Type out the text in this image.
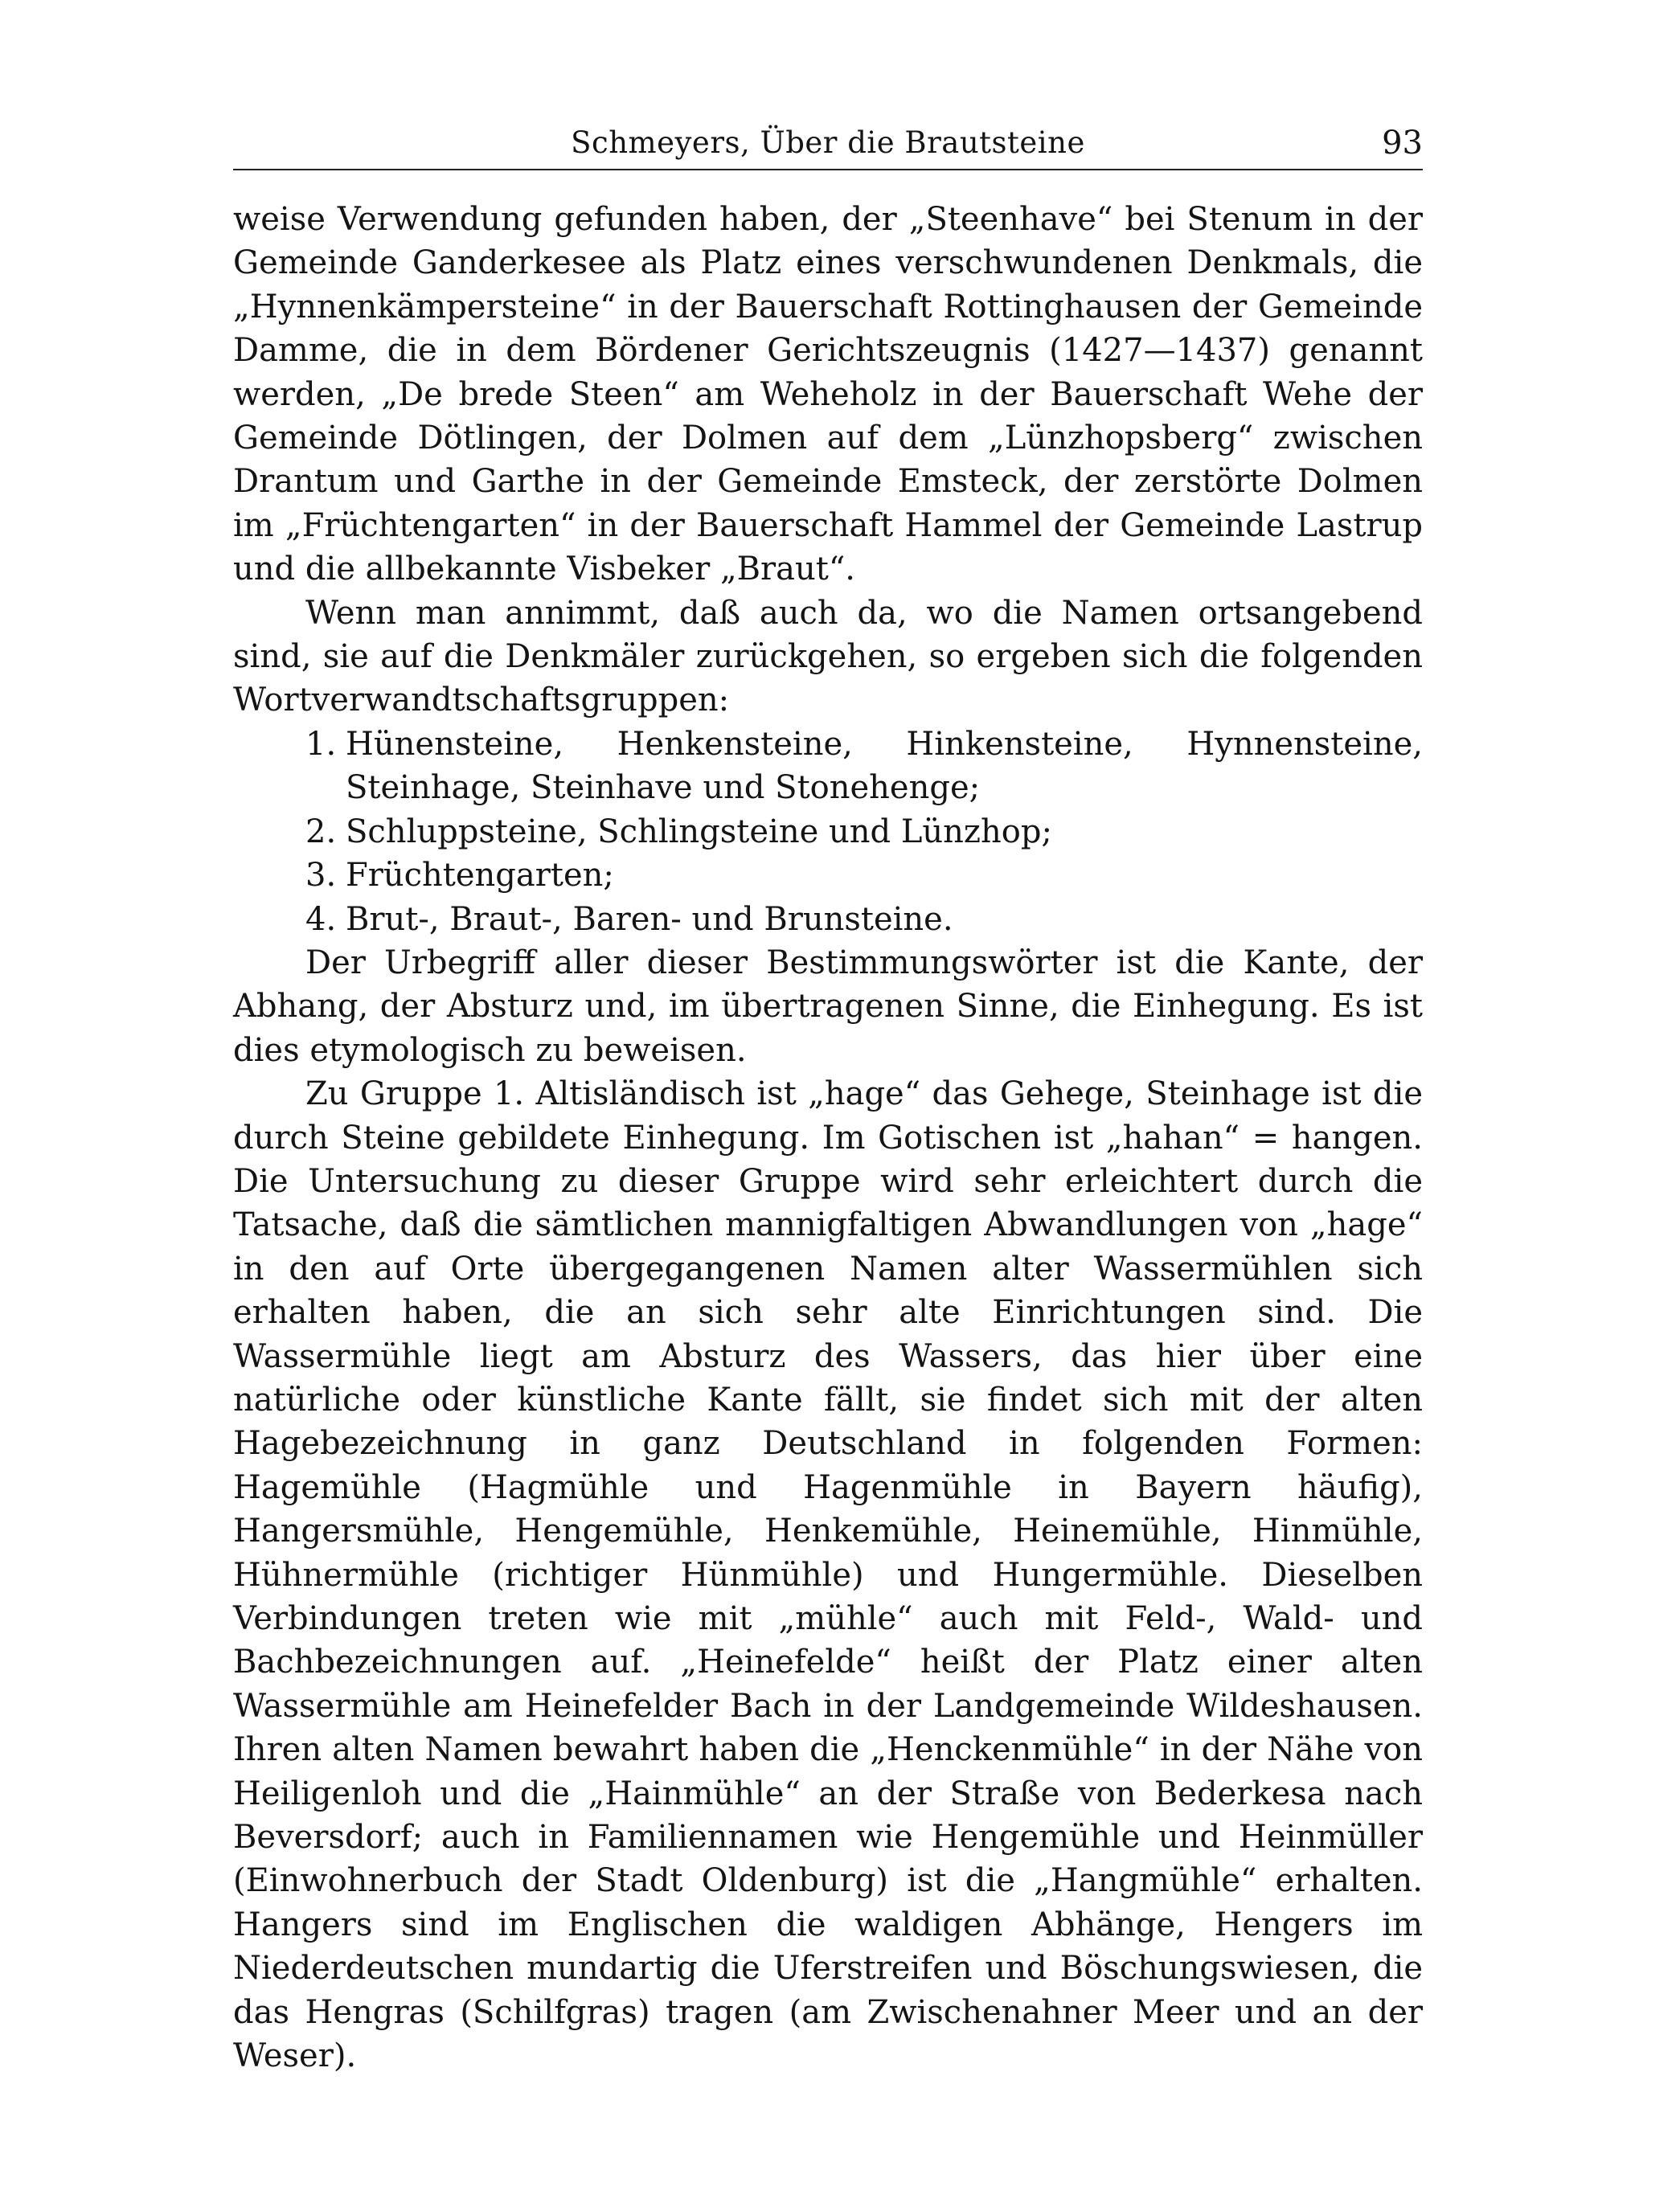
Schmeyers, Über die Brautsteine	93

weise Verwendung gefunden haben, der „Steenhave“ bei Stenum in der Gemeinde Ganderkesee als Platz eines verschwundenen Denkmals, die „Hynnenkämpersteine“ in der Bauerschaft Rottinghausen der Gemeinde Damme, die in dem Bördener Gerichtszeugnis (1427—1437) genannt werden, „De brede Steen“ am Weheholz in der Bauerschaft Wehe der Gemeinde Dötlingen, der Dolmen auf dem „Lünzhopsberg“ zwischen Drantum und Garthe in der Gemeinde Emsteck, der zerstörte Dolmen im „Früchtengarten“ in der Bauerschaft Hammel der Gemeinde Lastrup und die allbekannte Visbeker „Braut“.

Wenn man annimmt, daß auch da, wo die Namen ortsangebend sind, sie auf die Denkmäler zurückgehen, so ergeben sich die folgenden Wortverwandtschaftsgruppen:

1. Hünensteine, Henkensteine, Hinkensteine, Hynnensteine, Steinhage, Steinhave und Stonehenge;
2. Schluppsteine, Schlingsteine und Lünzhop;
3. Früchtengarten;
4. Brut-, Braut-, Baren- und Brunsteine.

Der Urbegriff aller dieser Bestimmungswörter ist die Kante, der Abhang, der Absturz und, im übertragenen Sinne, die Einhegung. Es ist dies etymologisch zu beweisen.

Zu Gruppe 1. Altisländisch ist „hage“ das Gehege, Steinhage ist die durch Steine gebildete Einhegung. Im Gotischen ist „hahan“ = hangen. Die Untersuchung zu dieser Gruppe wird sehr erleichtert durch die Tatsache, daß die sämtlichen mannigfaltigen Abwandlungen von „hage“ in den auf Orte übergegangenen Namen alter Wassermühlen sich erhalten haben, die an sich sehr alte Einrichtungen sind. Die Wassermühle liegt am Absturz des Wassers, das hier über eine natürliche oder künstliche Kante fällt, sie findet sich mit der alten Hagebezeichnung in ganz Deutschland in folgenden Formen: Hagemühle (Hagmühle und Hagenmühle in Bayern häufig), Hangersmühle, Hengemühle, Henkemühle, Heinemühle, Hinmühle, Hühnermühle (richtiger Hünmühle) und Hungermühle. Dieselben Verbindungen treten wie mit „mühle“ auch mit Feld-, Wald- und Bachbezeichnungen auf. „Heinefelde“ heißt der Platz einer alten Wassermühle am Heinefelder Bach in der Landgemeinde Wildeshausen. Ihren alten Namen bewahrt haben die „Henckenmühle“ in der Nähe von Heiligenloh und die „Hainmühle“ an der Straße von Bederkesa nach Beversdorf; auch in Familiennamen wie Hengemühle und Heinmüller (Einwohnerbuch der Stadt Oldenburg) ist die „Hangmühle“ erhalten. Hangers sind im Englischen die waldigen Abhänge, Hengers im Niederdeutschen mundartig die Uferstreifen und Böschungswiesen, die das Hengras (Schilfgras) tragen (am Zwischenahner Meer und an der Weser).
